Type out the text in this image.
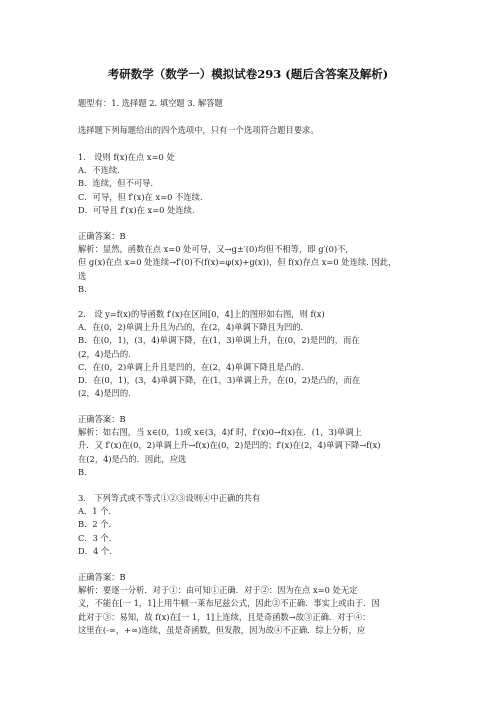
考研数学（数学一）模拟试卷293 (题后含答案及解析)
题型有：1. 选择题 2. 填空题 3. 解答题
选择题下列每题给出的四个选项中，只有一个选项符合题目要求。
1.　设则 f(x)在点 x=0 处
A．不连续．
B．连续，但不可导．
C．可导，但 f′(x)在 x=0 不连续．
D．可导且 f′(x)在 x=0 处连续．
正确答案：B
解析：显然，函数在点 x=0 处可导，又→g±′(0)均但不相等，即 g′(0)不,
但 g(x)在点 x=0 处连续→f′(0)不(f(x)=φ(x)+g(x))，但 f(x)存点 x=0 处连续. 因此，
选
B．
2.　设 y=f(x)的导函数 f′(x)在区间[0，4]上的图形如右图，则 f(x)
A．在(0，2)单调上升且为凸的，在(2，4)单调下降且为凹的．
B．在(0，1)，(3，4)单调下降，在(1，3)单调上升，在(0，2)是凹的，而在
(2，4)是凸的．
C．在(0，2)单调上升且是凹的，在(2，4)单调下降且是凸的．
D．在(0，1)，(3，4)单调下降，在(1，3)单调上升，在(0，2)是凸的，而在
(2，4)是凹的．
正确答案：B
解析：如右图，当 x∈(0，1)或 x∈(3，4)f 时，f′(x)0→f(x)在．(1，3)单调上
升．又 f′(x)在(0，2)单调上升→f(x)在(0，2)是凹的；f′(x)在(2，4)单调下降→f(x)
在(2，4)是凸的．因此，应选
B．
3.　下列等式或不等式①②③设则④中正确的共有
A．1 个．
B．2 个．
C．3 个．
D．4 个．
正确答案：B
解析：要逐一分析．对于①：由可知①正确．对于②：因为在点 x=0 处无定
义，不能在[一 1，1]上用牛顿一莱布尼兹公式，因此②不正确．事实上或由于．因
此对于③：易知，故 f(x)在[一 1，1]上连续，且是奇函数→故③正确．对于④：
这里在(-∞，+∞)连续，虽是奇函数，但发散，因为故④不正确．综上分析，应
